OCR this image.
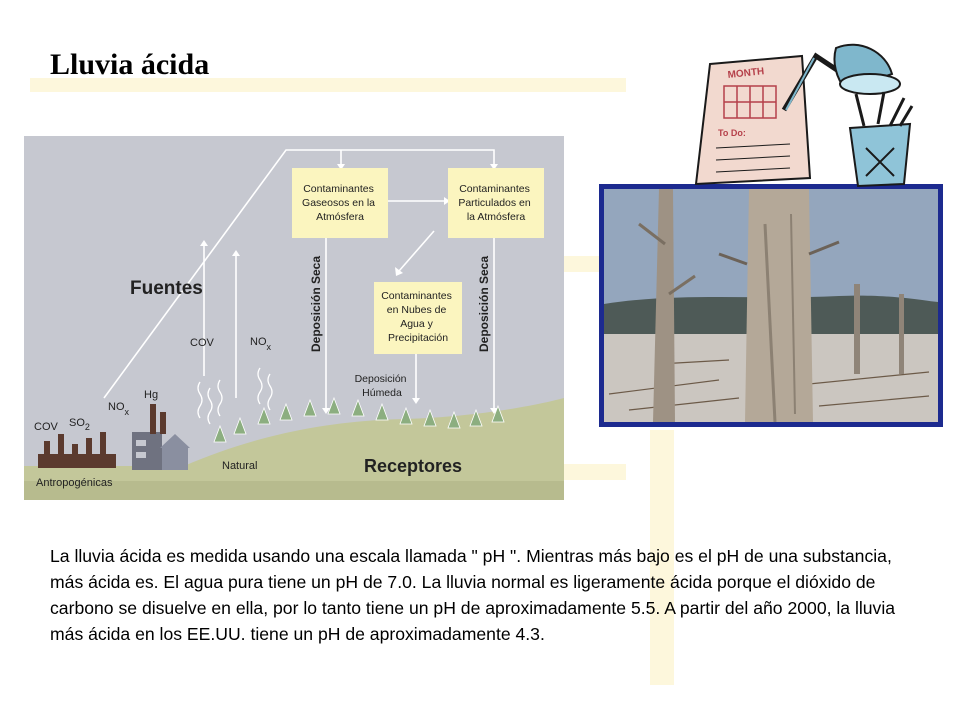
Lluvia ácida
Contaminantes Gaseosos en la Atmósfera
Contaminantes Particulados en la Atmósfera
Contaminantes en Nubes de Agua y Precipitación
Deposición Seca	Deposición Seca
Deposición Húmeda
Fuentes
Receptores
Natural
Antropogénicas
COV	$NO_x$
COV $SO_2$
$NO_x$
Hg
MONTH
To Do:

La lluvia ácida es medida usando una escala llamada " pH ". Mientras más bajo es el pH de una substancia, más ácida es. El agua pura tiene un pH de 7.0. La lluvia normal es ligeramente ácida porque el dióxido de carbono se disuelve en ella, por lo tanto tiene un pH de aproximadamente 5.5. A partir del año 2000, la lluvia más ácida en los EE.UU. tiene un pH de aproximadamente 4.3.
